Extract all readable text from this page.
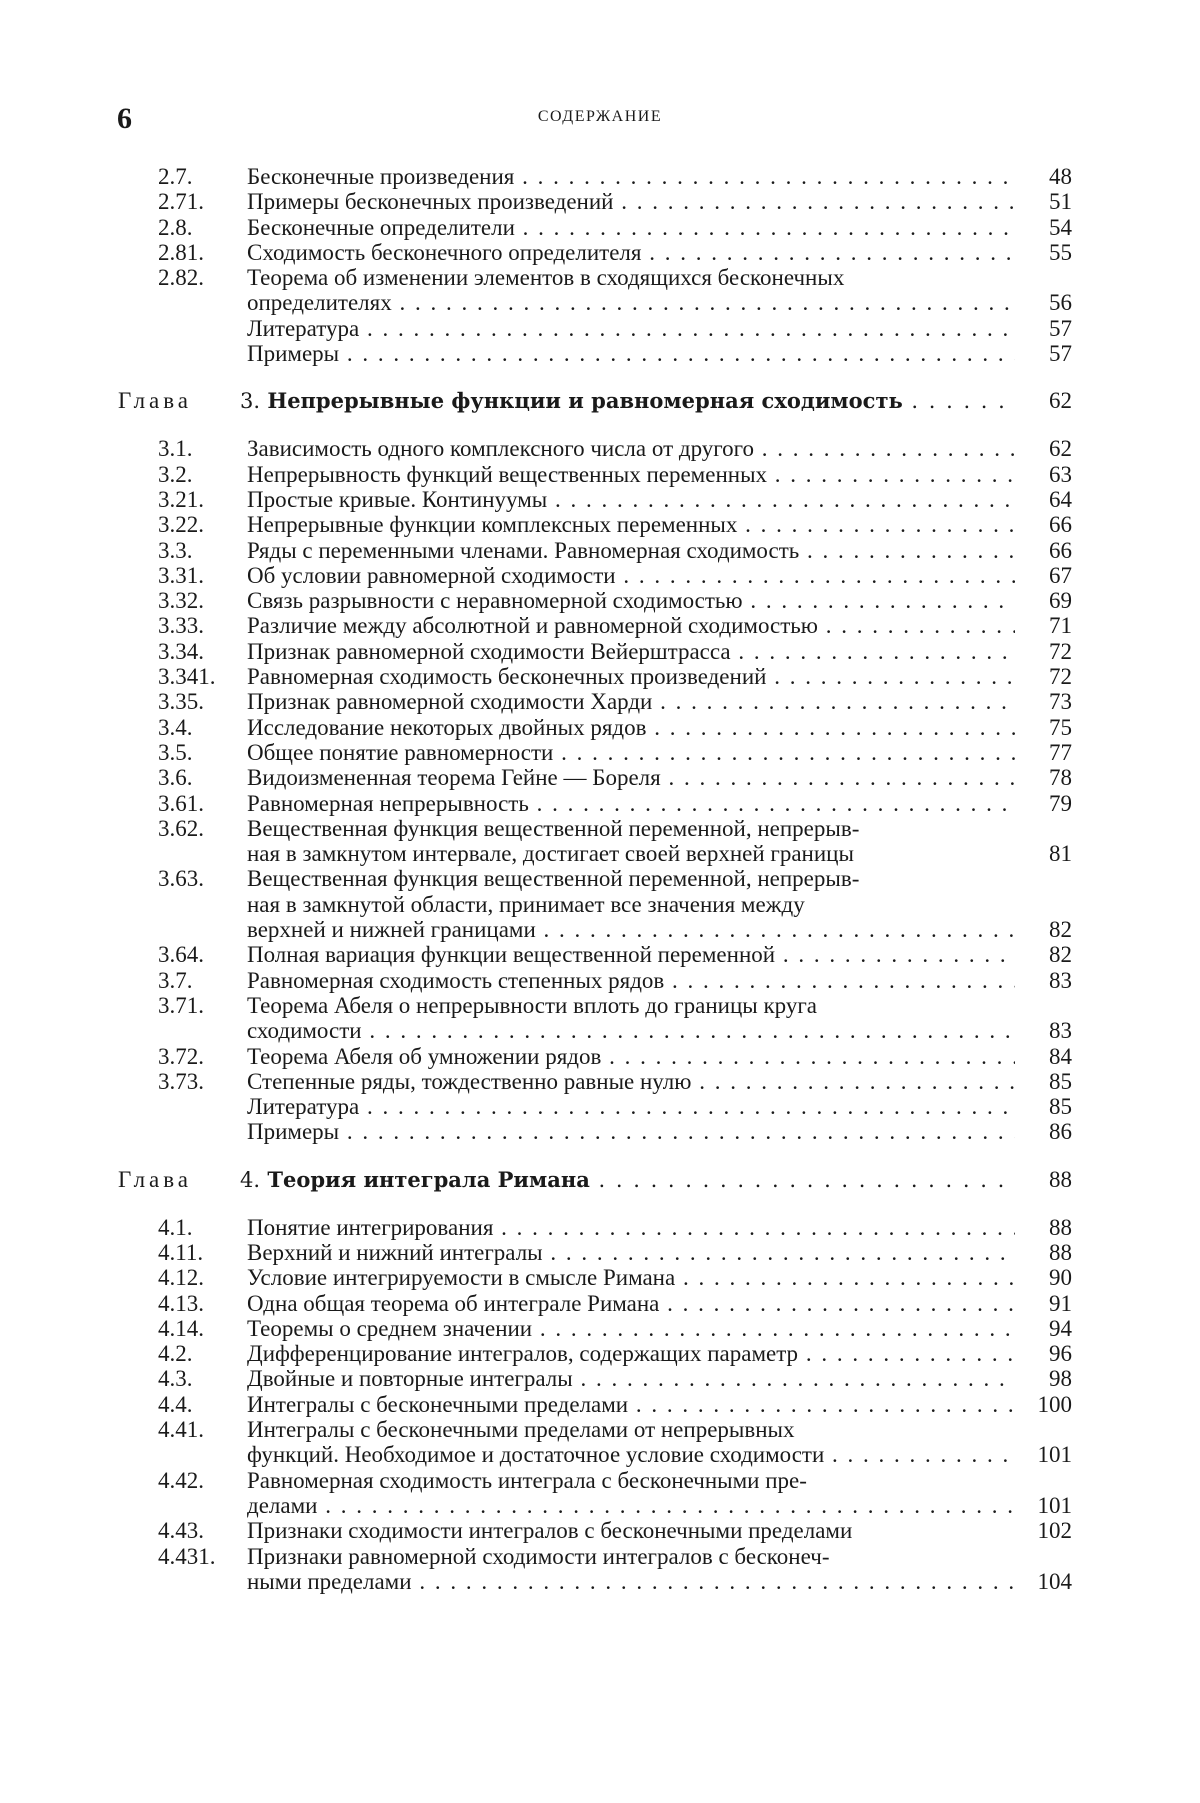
6	СОДЕРЖАНИЕ
2.7. Бесконечные произведения . . .	48
2.71. Примеры бесконечных произведений . . .	51
2.8. Бесконечные определители . . .	54
2.81. Сходимость бесконечного определителя . . .	55
2.82. Теорема об изменении элементов в сходящихся бесконечных
определителях . . .	56
Литература . . .	57
Примеры . . .	57
Глава 3. Непрерывные функции и равномерная сходимость . . .	62
3.1. Зависимость одного комплексного числа от другого . . .	62
3.2. Непрерывность функций вещественных переменных . . .	63
3.21. Простые кривые. Континуумы . . .	64
3.22. Непрерывные функции комплексных переменных . . .	66
3.3. Ряды с переменными членами. Равномерная сходимость . . .	66
3.31. Об условии равномерной сходимости . . .	67
3.32. Связь разрывности с неравномерной сходимостью . . .	69
3.33. Различие между абсолютной и равномерной сходимостью . . .	71
3.34. Признак равномерной сходимости Вейерштрасса . . .	72
3.341. Равномерная сходимость бесконечных произведений . . .	72
3.35. Признак равномерной сходимости Харди . . .	73
3.4. Исследование некоторых двойных рядов . . .	75
3.5. Общее понятие равномерности . . .	77
3.6. Видоизмененная теорема Гейне — Бореля . . .	78
3.61. Равномерная непрерывность . . .	79
3.62. Вещественная функция вещественной переменной, непрерыв-
ная в замкнутом интервале, достигает своей верхней границы	81
3.63. Вещественная функция вещественной переменной, непрерыв-
ная в замкнутой области, принимает все значения между
верхней и нижней границами . . .	82
3.64. Полная вариация функции вещественной переменной . . .	82
3.7. Равномерная сходимость степенных рядов . . .	83
3.71. Теорема Абеля о непрерывности вплоть до границы круга
сходимости . . .	83
3.72. Теорема Абеля об умножении рядов . . .	84
3.73. Степенные ряды, тождественно равные нулю . . .	85
Литература . . .	85
Примеры . . .	86
Глава 4. Теория интеграла Римана . . .	88
4.1. Понятие интегрирования . . .	88
4.11. Верхний и нижний интегралы . . .	88
4.12. Условие интегрируемости в смысле Римана . . .	90
4.13. Одна общая теорема об интеграле Римана . . .	91
4.14. Теоремы о среднем значении . . .	94
4.2. Дифференцирование интегралов, содержащих параметр . . .	96
4.3. Двойные и повторные интегралы . . .	98
4.4. Интегралы с бесконечными пределами . . .	100
4.41. Интегралы с бесконечными пределами от непрерывных
функций. Необходимое и достаточное условие сходимости . . .	101
4.42. Равномерная сходимость интеграла с бесконечными пре-
делами . . .	101
4.43. Признаки сходимости интегралов с бесконечными пределами	102
4.431. Признаки равномерной сходимости интегралов с бесконеч-
ными пределами . . .	104
